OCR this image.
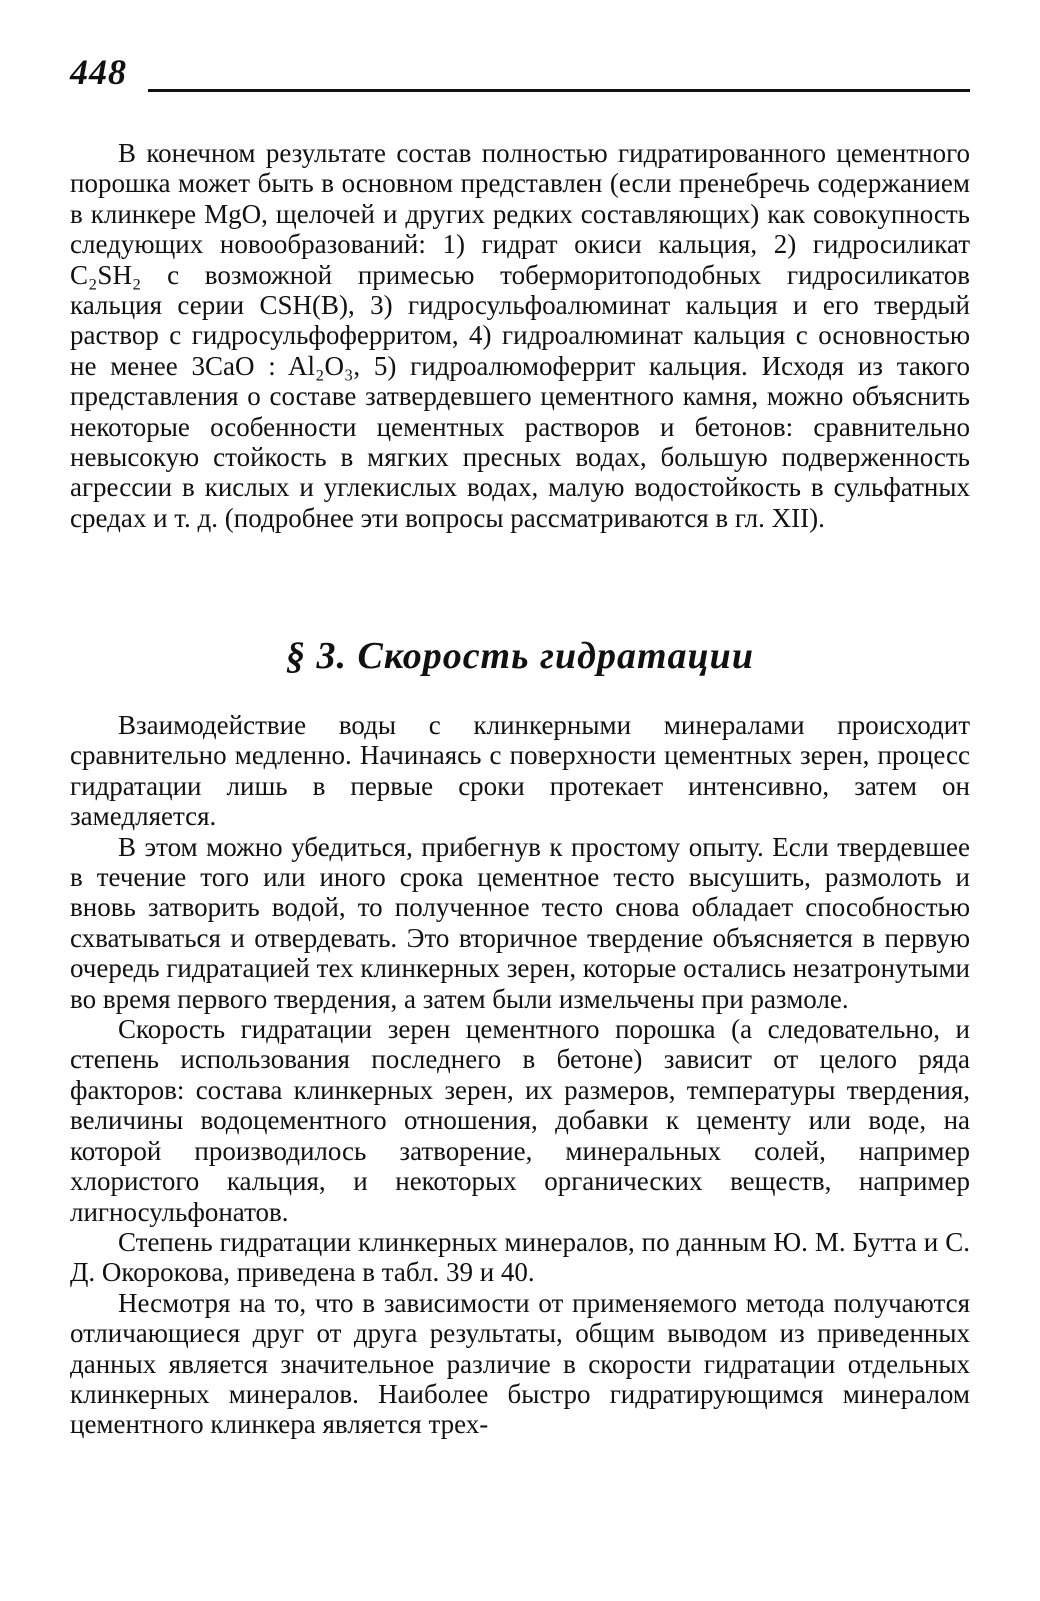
448

В конечном результате состав полностью гидратированного цементного порошка может быть в основном представлен (если пренебречь содержанием в клинкере MgO, щелочей и других редких составляющих) как совокупность следующих новообразований: 1) гидрат окиси кальция, 2) гидросиликат C₂SH₂ с возможной примесью тоберморитоподобных гидросиликатов кальция серии CSH(B), 3) гидросульфоалюминат кальция и его твердый раствор с гидросульфоферритом, 4) гидроалюминат кальция с основностью не менее 3CaO : Al₂O₃, 5) гидроалюмоферрит кальция. Исходя из такого представления о составе затвердевшего цементного камня, можно объяснить некоторые особенности цементных растворов и бетонов: сравнительно невысокую стойкость в мягких пресных водах, большую подверженность агрессии в кислых и углекислых водах, малую водостойкость в сульфатных средах и т. д. (подробнее эти вопросы рассматриваются в гл. XII).

§ 3. Скорость гидратации

Взаимодействие воды с клинкерными минералами происходит сравнительно медленно. Начинаясь с поверхности цементных зерен, процесс гидратации лишь в первые сроки протекает интенсивно, затем он замедляется.

В этом можно убедиться, прибегнув к простому опыту. Если твердевшее в течение того или иного срока цементное тесто высушить, размолоть и вновь затворить водой, то полученное тесто снова обладает способностью схватываться и отвердевать. Это вторичное твердение объясняется в первую очередь гидратацией тех клинкерных зерен, которые остались незатронутыми во время первого твердения, а затем были измельчены при размоле.

Скорость гидратации зерен цементного порошка (а следовательно, и степень использования последнего в бетоне) зависит от целого ряда факторов: состава клинкерных зерен, их размеров, температуры твердения, величины водоцементного отношения, добавки к цементу или воде, на которой производилось затворение, минеральных солей, например хлористого кальция, и некоторых органических веществ, например лигносульфонатов.

Степень гидратации клинкерных минералов, по данным Ю. М. Бутта и С. Д. Окорокова, приведена в табл. 39 и 40.

Несмотря на то, что в зависимости от применяемого метода получаются отличающиеся друг от друга результаты, общим выводом из приведенных данных является значительное различие в скорости гидратации отдельных клинкерных минералов. Наиболее быстро гидратирующимся минералом цементного клинкера является трех-
